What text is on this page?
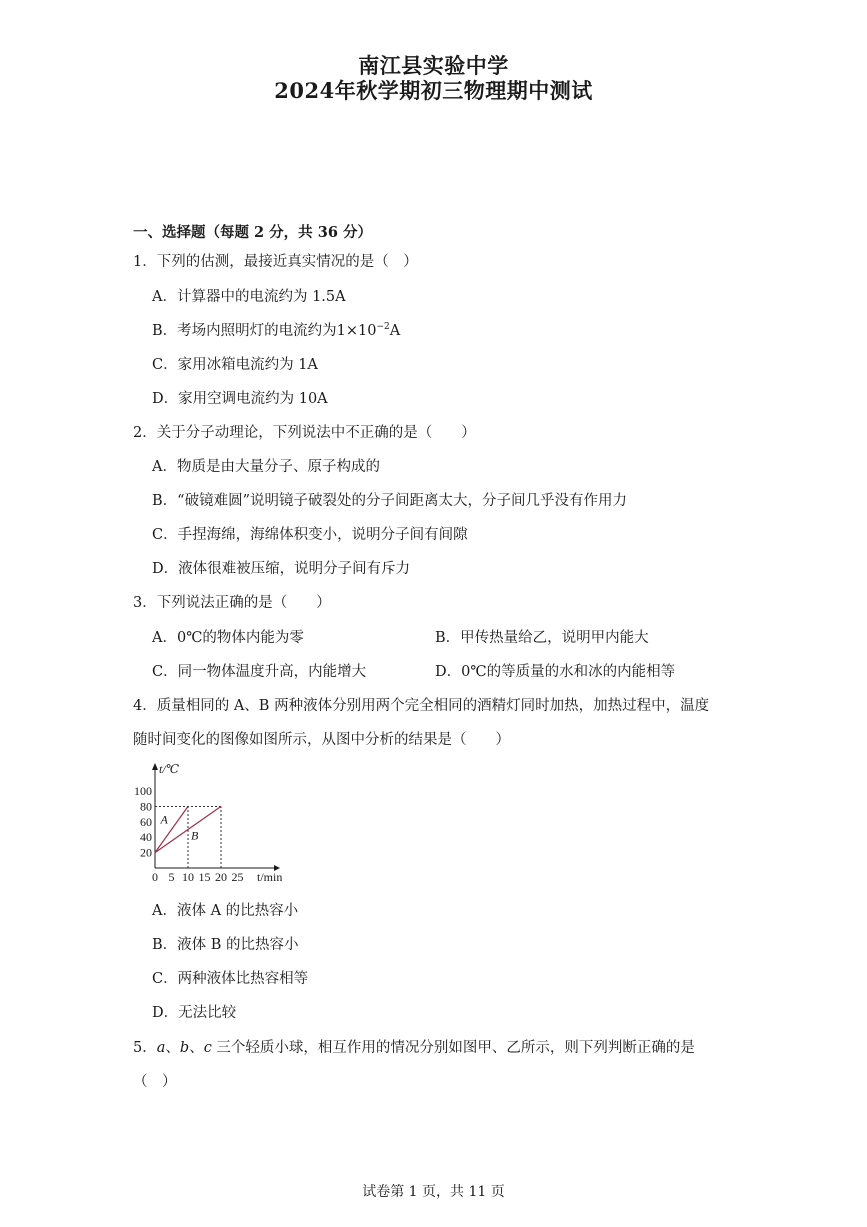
南江县实验中学
2024年秋学期初三物理期中测试
一、选择题（每题 2 分，共 36 分）
1．下列的估测，最接近真实情况的是（　）
A．计算器中的电流约为 1.5A
B．考场内照明灯的电流约为$1\times 10^{-2}A$
C．家用冰箱电流约为 1A
D．家用空调电流约为 10A
2．关于分子动理论，下列说法中不正确的是（　　）
A．物质是由大量分子、原子构成的
B．“破镜难圆”说明镜子破裂处的分子间距离太大，分子间几乎没有作用力
C．手捏海绵，海绵体积变小，说明分子间有间隙
D．液体很难被压缩，说明分子间有斥力
3．下列说法正确的是（　　）
A．0℃的物体内能为零	B．甲传热量给乙，说明甲内能大
C．同一物体温度升高，内能增大	D．0℃的等质量的水和冰的内能相等
4．质量相同的 A、B 两种液体分别用两个完全相同的酒精灯同时加热，加热过程中，温度
随时间变化的图像如图所示，从图中分析的结果是（　　）
t/℃
t/min
20
40
60
80
100
0 5 10 15 20 25
A
B
A．液体 A 的比热容小
B．液体 B 的比热容小
C．两种液体比热容相等
D．无法比较
5．a、b、c 三个轻质小球，相互作用的情况分别如图甲、乙所示，则下列判断正确的是
（　）
试卷第 1 页，共 11 页
